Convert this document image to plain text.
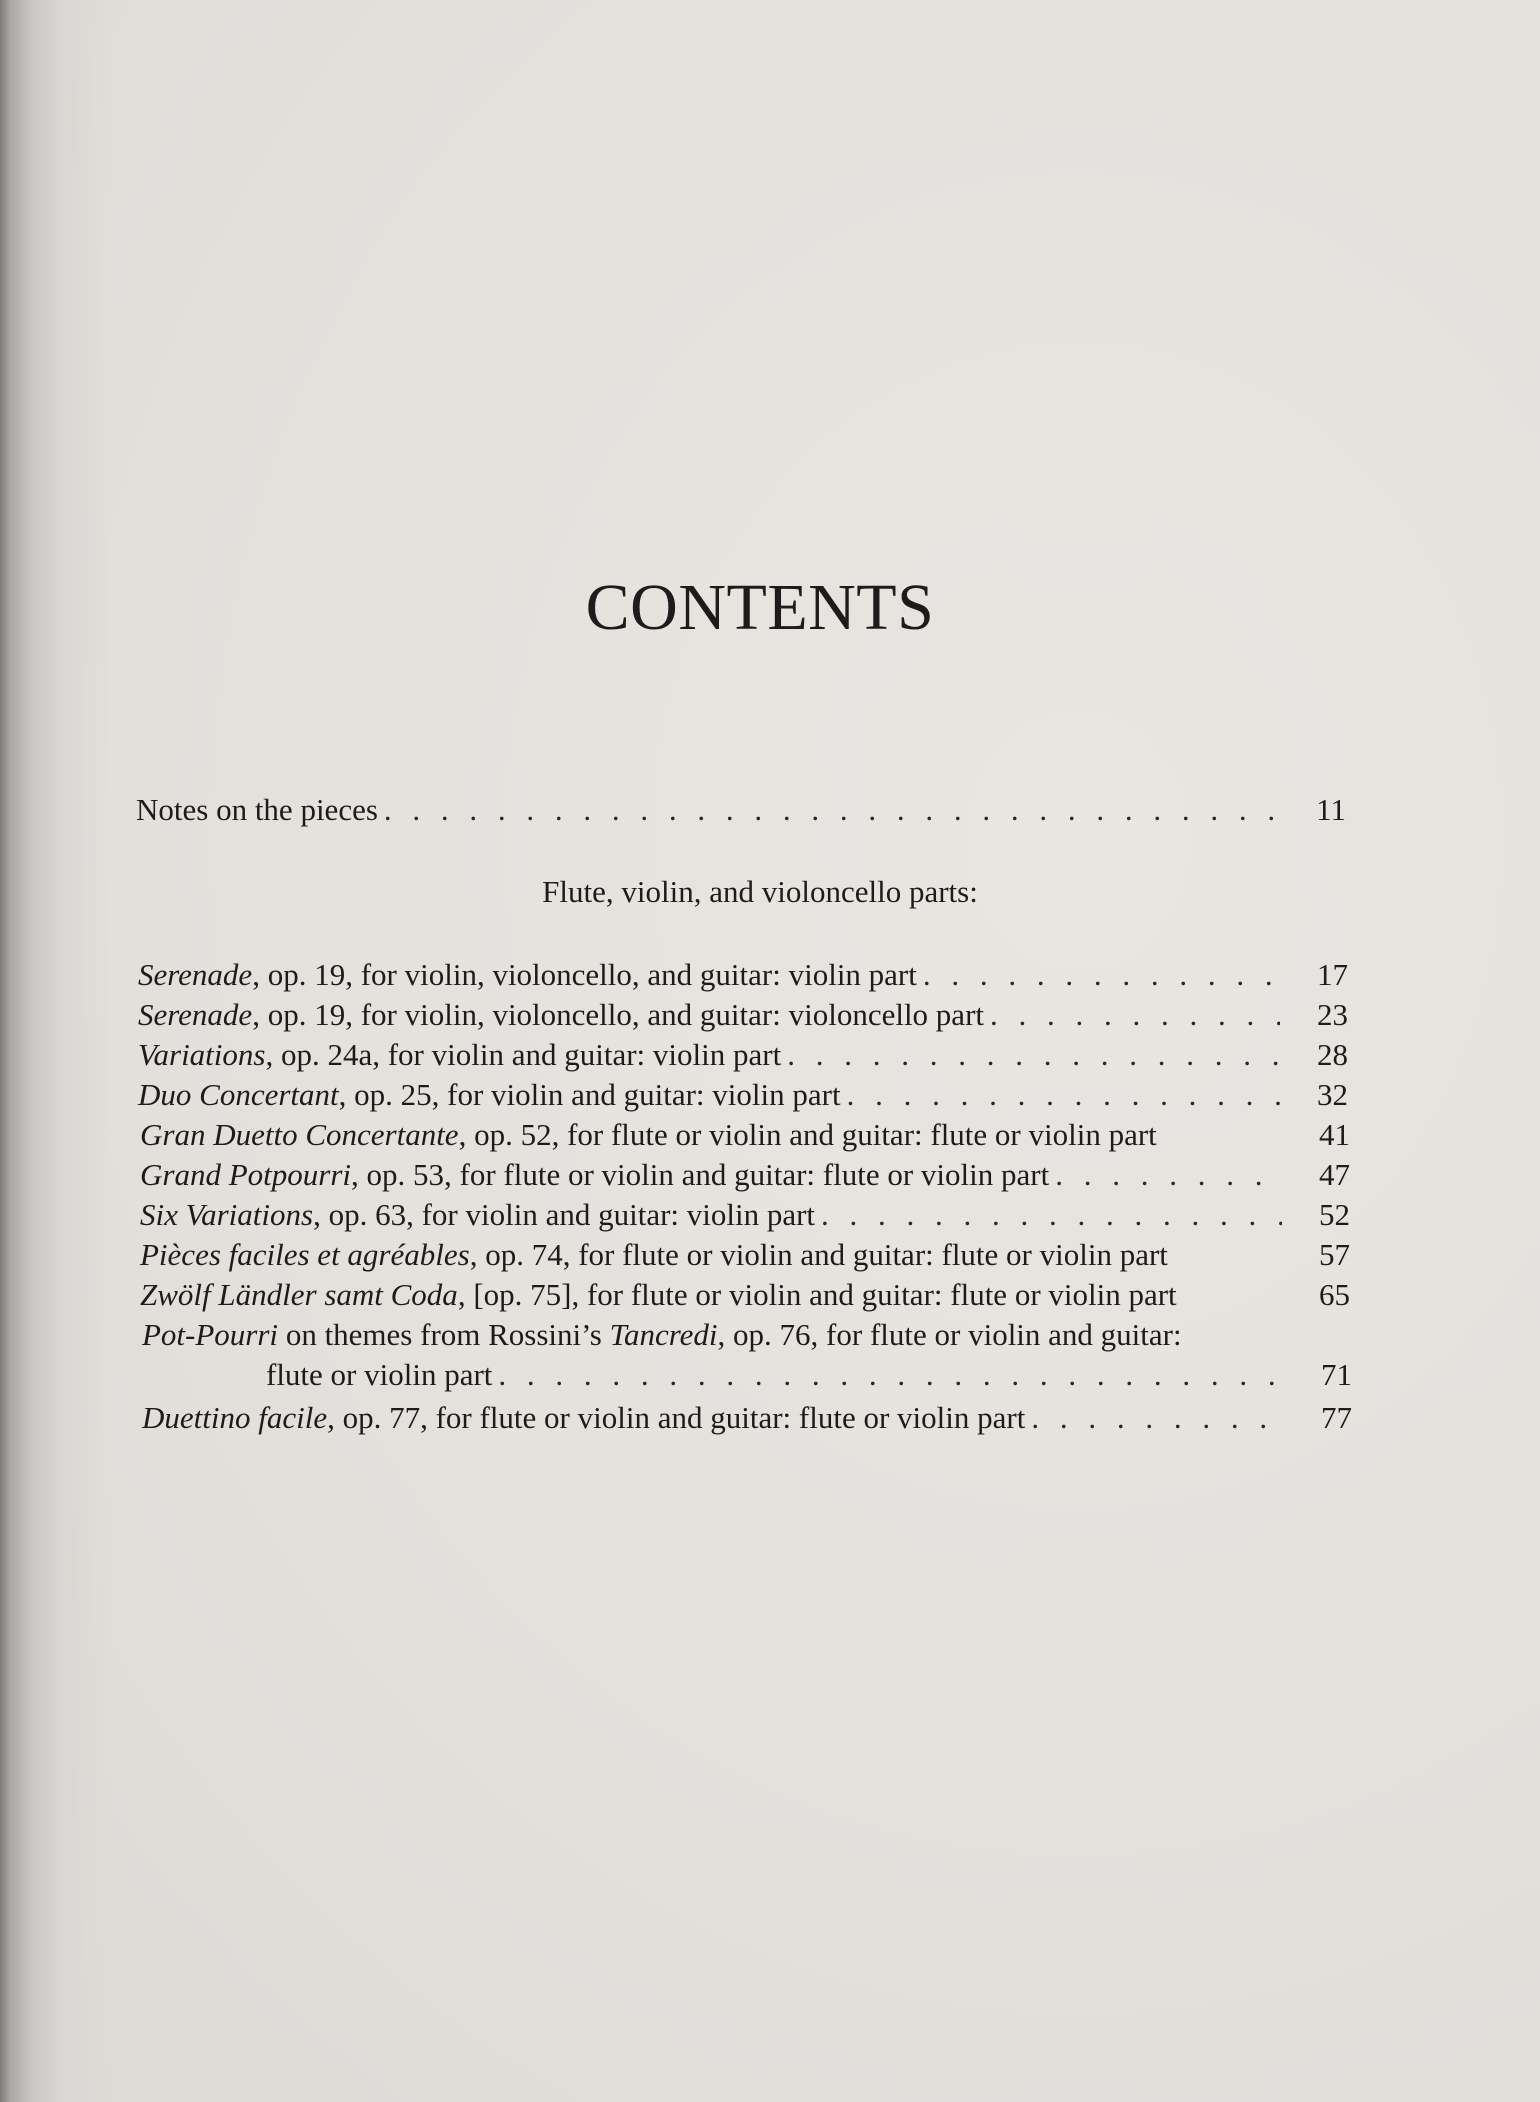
CONTENTS
Notes on the pieces . . .	11
Flute, violin, and violoncello parts:
Serenade, op. 19, for violin, violoncello, and guitar: violin part . . .	17
Serenade, op. 19, for violin, violoncello, and guitar: violoncello part . . .	23
Variations, op. 24a, for violin and guitar: violin part . . .	28
Duo Concertant, op. 25, for violin and guitar: violin part . . .	32
Gran Duetto Concertante, op. 52, for flute or violin and guitar: flute or violin part	41
Grand Potpourri, op. 53, for flute or violin and guitar: flute or violin part . . .	47
Six Variations, op. 63, for violin and guitar: violin part . . .	52
Pièces faciles et agréables, op. 74, for flute or violin and guitar: flute or violin part	57
Zwölf Ländler samt Coda, [op. 75], for flute or violin and guitar: flute or violin part	65
Pot-Pourri on themes from Rossini’s Tancredi, op. 76, for flute or violin and guitar:
flute or violin part . . .	71
Duettino facile, op. 77, for flute or violin and guitar: flute or violin part . . .	77
